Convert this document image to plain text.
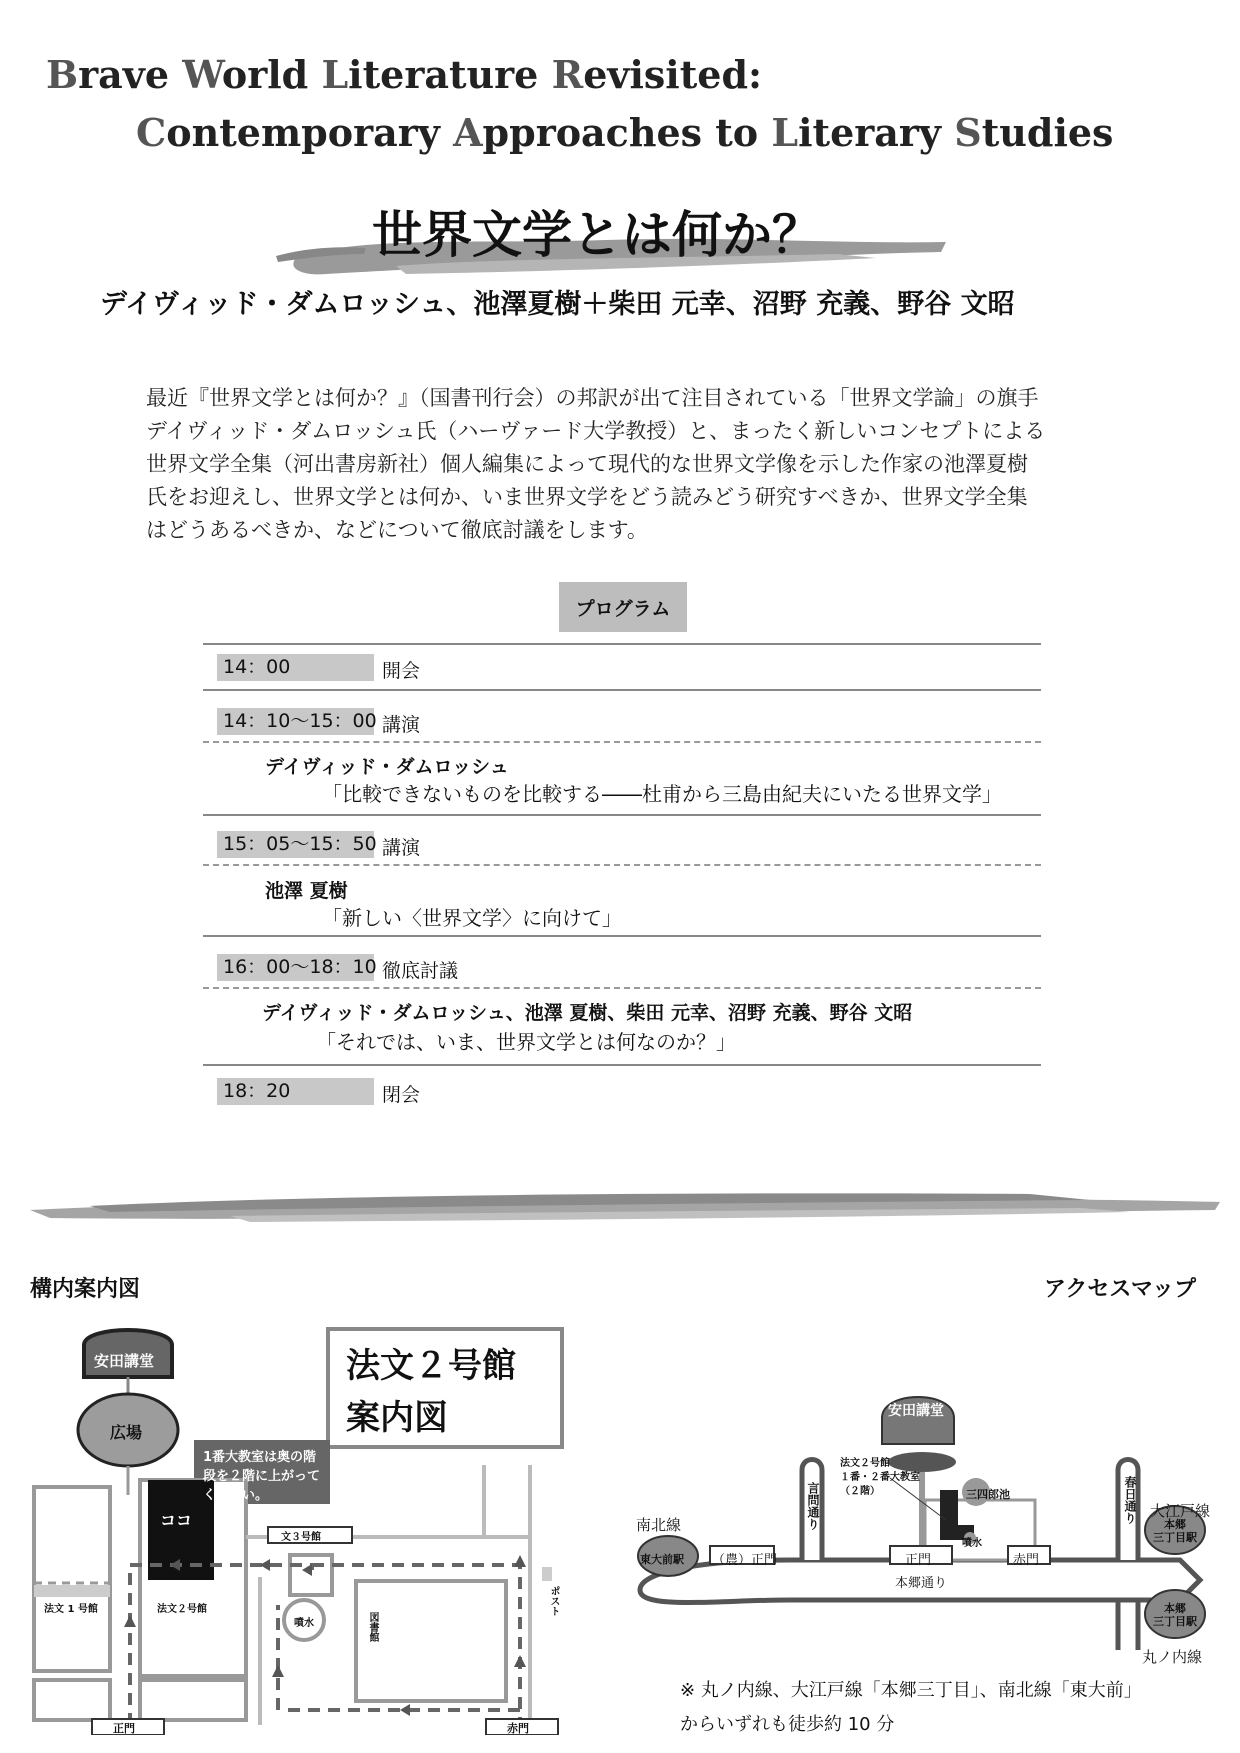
Brave World Literature Revisited:
Contemporary Approaches to Literary Studies
世界文学とは何か？
デイヴィッド・ダムロッシュ、池澤夏樹＋柴田 元幸、沼野 充義、野谷 文昭

最近『世界文学とは何か？』（国書刊行会）の邦訳が出て注目されている「世界文学論」の旗手

デイヴィッド・ダムロッシュ氏（ハーヴァード大学教授）と、まったく新しいコンセプトによる

世界文学全集（河出書房新社）個人編集によって現代的な世界文学像を示した作家の池澤夏樹

氏をお迎えし、世界文学とは何か、いま世界文学をどう読みどう研究すべきか、世界文学全集

はどうあるべきか、などについて徹底討議をします。

プログラム
14：00	開会
14：10〜15：00 講演
デイヴィッド・ダムロッシュ
「比較できないものを比較する――杜甫から三島由紀夫にいたる世界文学」
15：05〜15：50 講演
池澤 夏樹
「新しい〈世界文学〉に向けて」
16：00〜18：10 徹底討議
デイヴィッド・ダムロッシュ、池澤 夏樹、柴田 元幸、沼野 充義、野谷 文昭
「それでは、いま、世界文学とは何なのか？」
18：20	閉会
構内案内図	アクセスマップ
安田講堂
広場
法文２号館
案内図
1番大教室は奥の階
段を２階に上がって
ください。
ココ
文３号館
法文 1 号館	法文２号館
噴水	図書館
ポスト
正門	赤門
安田講堂
法文２号館
１番・２番大教室
（２階）	三四郎池
言問通り	春日通り
南北線
東大前駅 （農）正門	正門
噴水
赤門
本郷通り
大江戸線
本郷
三丁目駅
本郷
三丁目駅
丸ノ内線
※ 丸ノ内線、大江戸線「本郷三丁目」、南北線「東大前」
からいずれも徒歩約 10 分
